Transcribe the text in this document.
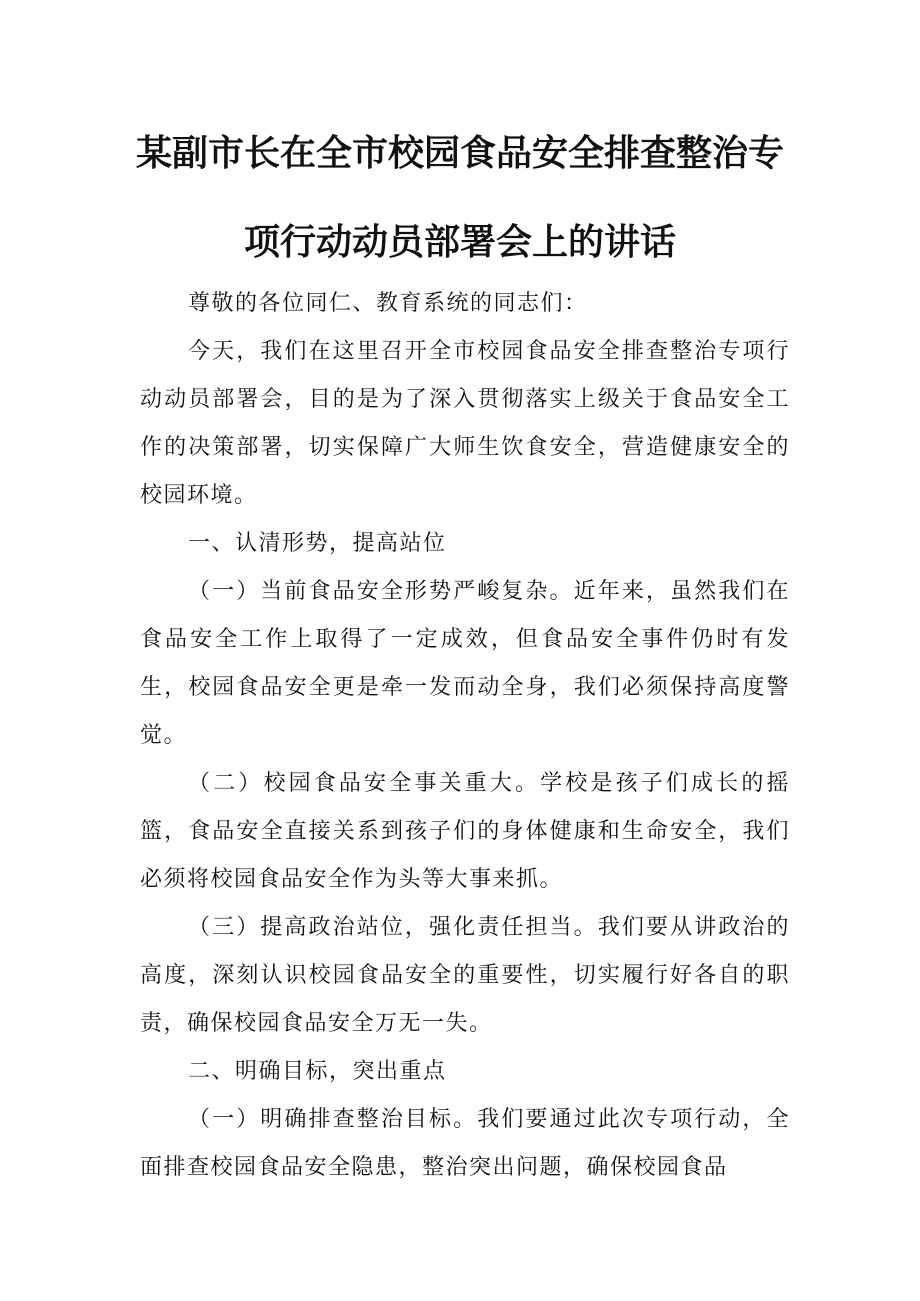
某副市长在全市校园食品安全排查整治专
项行动动员部署会上的讲话

尊敬的各位同仁、教育系统的同志们：

今天，我们在这里召开全市校园食品安全排查整治专项行动动员部署会，目的是为了深入贯彻落实上级关于食品安全工作的决策部署，切实保障广大师生饮食安全，营造健康安全的校园环境。

一、认清形势，提高站位

（一）当前食品安全形势严峻复杂。近年来，虽然我们在食品安全工作上取得了一定成效，但食品安全事件仍时有发生，校园食品安全更是牵一发而动全身，我们必须保持高度警觉。

（二）校园食品安全事关重大。学校是孩子们成长的摇篮，食品安全直接关系到孩子们的身体健康和生命安全，我们必须将校园食品安全作为头等大事来抓。

（三）提高政治站位，强化责任担当。我们要从讲政治的高度，深刻认识校园食品安全的重要性，切实履行好各自的职责，确保校园食品安全万无一失。

二、明确目标，突出重点

（一）明确排查整治目标。我们要通过此次专项行动，全面排查校园食品安全隐患，整治突出问题，确保校园食品
